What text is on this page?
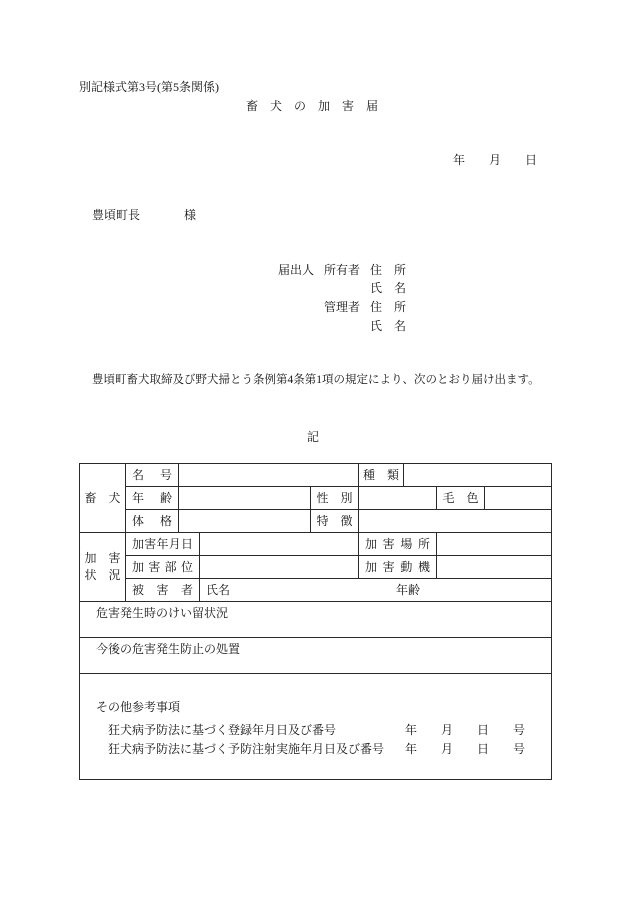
別記様式第3号(第5条関係)
畜　犬　の　加　害　届
年　　月　　日
豊頃町長	様
届出人 所有者 住　所
氏　名
管理者 住　所
氏　名
豊頃町畜犬取締及び野犬掃とう条例第4条第1項の規定により、次のとおり届け出ます。
記
畜　犬	名　号				種　類			
	年　齢			性　別			毛　色	
	体　格			特　徴				

加　害
状　況	加害年月日				加 害 場 所			
	加 害 部 位				加 害 動 機			
	被　害　者		氏名 年齢					
危害発生時のけい留状況								
今後の危害発生防止の処置								

その他参考事項
狂犬病予防法に基づく登録年月日及び番号 年　　月　　日　　号
狂犬病予防法に基づく予防注射実施年月日及び番号 年　　月　　日　　号								
